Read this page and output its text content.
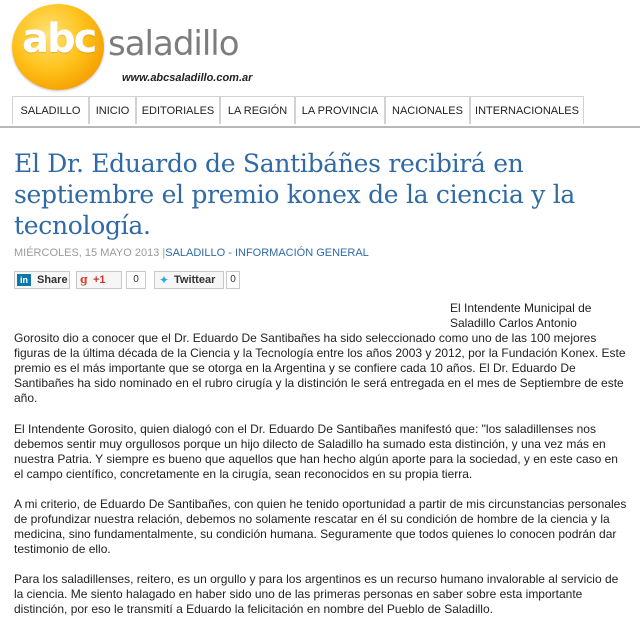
abc saladillo
www.abcsaladillo.com.ar
SALADILLO	INICIO	EDITORIALES	LA REGIÓN	LA PROVINCIA	NACIONALES	INTERNACIONALES
El Dr. Eduardo de Santibáñes recibirá en septiembre el premio konex de la ciencia y la tecnología.
MIÉRCOLES, 15 MAYO 2013 |SALADILLO - INFORMACIÓN GENERAL
in Share g +1	0	✦ Twittear	0
El Intendente Municipal de Saladillo Carlos Antonio

Gorosito dio a conocer que el Dr. Eduardo De Santibañes ha sido seleccionado como uno de las 100 mejores figuras de la última década de la Ciencia y la Tecnología entre los años 2003 y 2012, por la Fundación Konex. Este premio es el más importante que se otorga en la Argentina y se confiere cada 10 años. El Dr. Eduardo De Santibañes ha sido nominado en el rubro cirugía y la distinción le será entregada en el mes de Septiembre de este año.

El Intendente Gorosito, quien dialogó con el Dr. Eduardo De Santibañes manifestó que: "los saladillenses nos debemos sentir muy orgullosos porque un hijo dilecto de Saladillo ha sumado esta distinción, y una vez más en nuestra Patria. Y siempre es bueno que aquellos que han hecho algún aporte para la sociedad, y en este caso en el campo científico, concretamente en la cirugía, sean reconocidos en su propia tierra.

A mi criterio, de Eduardo De Santibañes, con quien he tenido oportunidad a partir de mis circunstancias personales de profundizar nuestra relación, debemos no solamente rescatar en él su condición de hombre de la ciencia y la medicina, sino fundamentalmente, su condición humana. Seguramente que todos quienes lo conocen podrán dar testimonio de ello.

Para los saladillenses, reitero, es un orgullo y para los argentinos es un recurso humano invalorable al servicio de la ciencia. Me siento halagado en haber sido uno de las primeras personas en saber sobre esta importante distinción, por eso le transmití a Eduardo la felicitación en nombre del Pueblo de Saladillo.
